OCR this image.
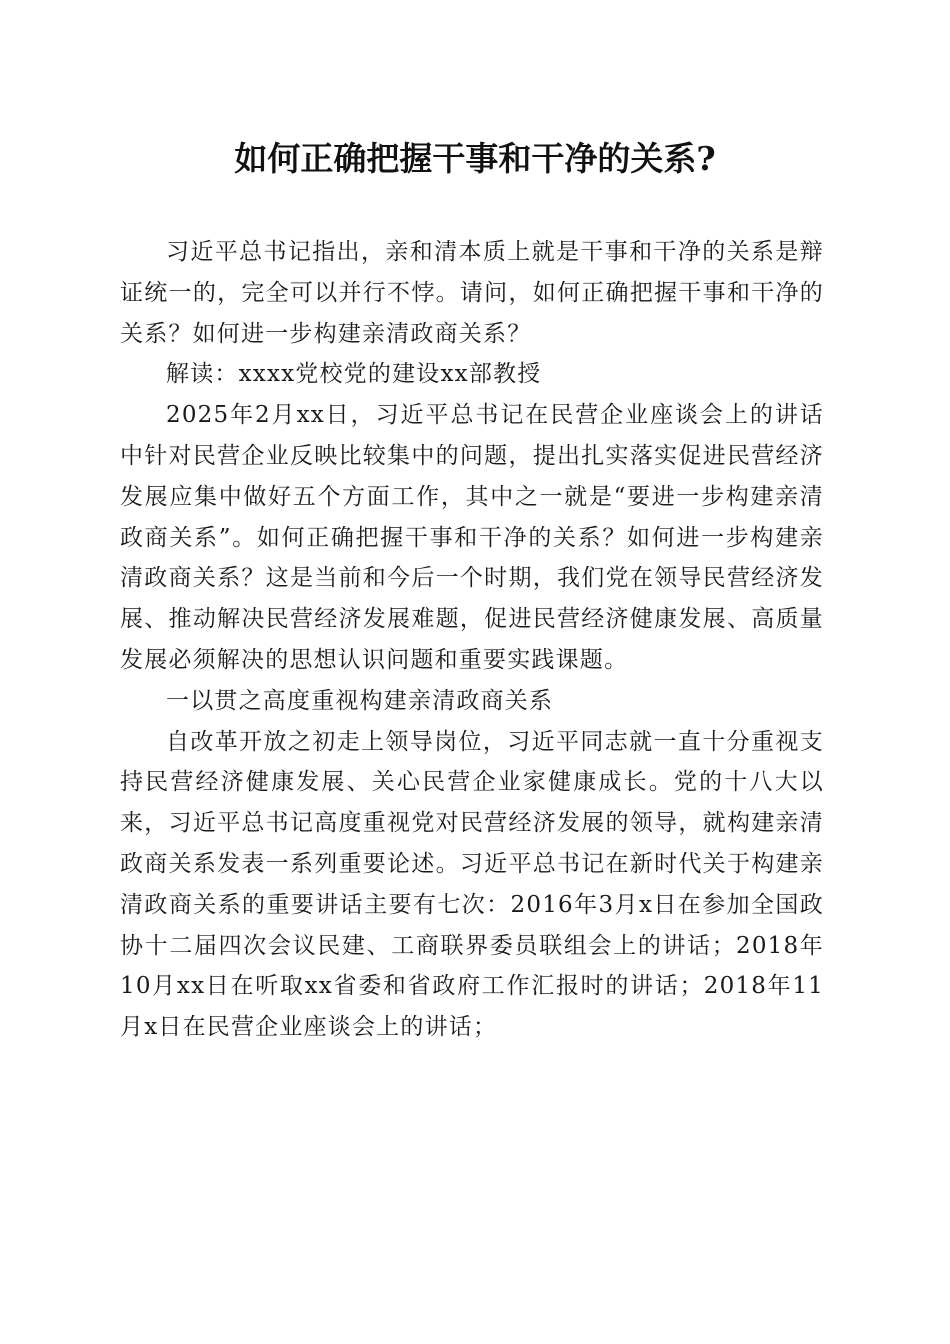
如何正确把握干事和干净的关系?

习近平总书记指出，亲和清本质上就是干事和干净的关系是辩证统一的，完全可以并行不悖。请问，如何正确把握干事和干净的关系？如何进一步构建亲清政商关系？

解读：xxxx党校党的建设xx部教授

2025年2月xx日，习近平总书记在民营企业座谈会上的讲话中针对民营企业反映比较集中的问题，提出扎实落实促进民营经济发展应集中做好五个方面工作，其中之一就是“要进一步构建亲清政商关系”。如何正确把握干事和干净的关系？如何进一步构建亲清政商关系？这是当前和今后一个时期，我们党在领导民营经济发展、推动解决民营经济发展难题，促进民营经济健康发展、高质量发展必须解决的思想认识问题和重要实践课题。

一以贯之高度重视构建亲清政商关系

自改革开放之初走上领导岗位，习近平同志就一直十分重视支持民营经济健康发展、关心民营企业家健康成长。党的十八大以来，习近平总书记高度重视党对民营经济发展的领导，就构建亲清政商关系发表一系列重要论述。习近平总书记在新时代关于构建亲清政商关系的重要讲话主要有七次：2016年3月x日在参加全国政协十二届四次会议民建、工商联界委员联组会上的讲话；2018年10月xx日在听取xx省委和省政府工作汇报时的讲话；2018年11月x日在民营企业座谈会上的讲话；
